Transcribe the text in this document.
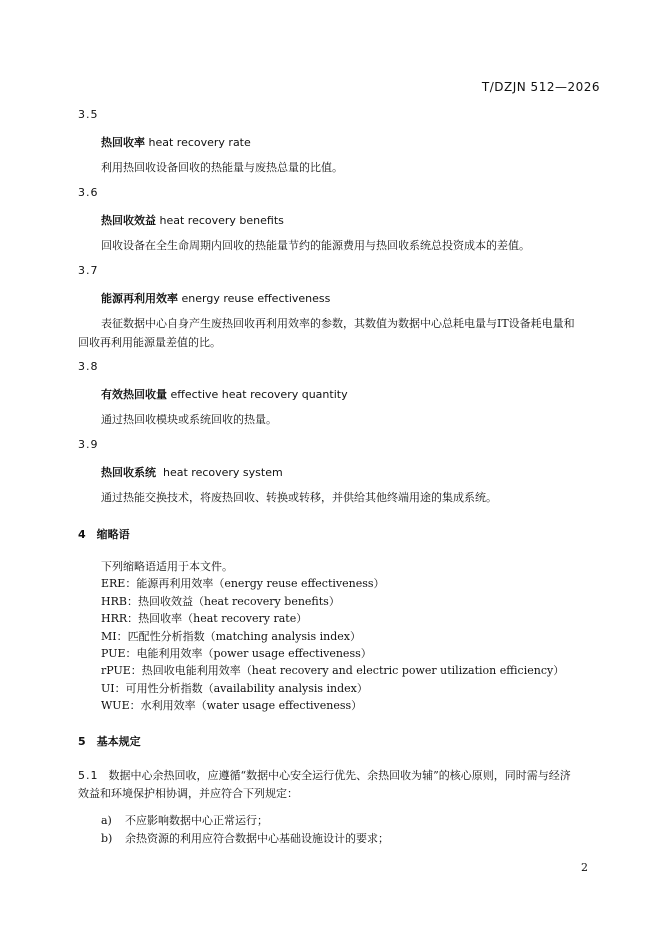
T/DZJN 512—2026
3.5
热回收率 heat recovery rate
利用热回收设备回收的热能量与废热总量的比值。
3.6
热回收效益 heat recovery benefits
回收设备在全生命周期内回收的热能量节约的能源费用与热回收系统总投资成本的差值。
3.7
能源再利用效率 energy reuse effectiveness
表征数据中心自身产生废热回收再利用效率的参数，其数值为数据中心总耗电量与IT设备耗电量和
回收再利用能源量差值的比。
3.8
有效热回收量 effective heat recovery quantity
通过热回收模块或系统回收的热量。
3.9
热回收系统  heat recovery system
通过热能交换技术，将废热回收、转换或转移，并供给其他终端用途的集成系统。
4　缩略语
下列缩略语适用于本文件。
ERE：能源再利用效率（energy reuse effectiveness）
HRB：热回收效益（heat recovery benefits）
HRR：热回收率（heat recovery rate）
MI：匹配性分析指数（matching analysis index）
PUE：电能利用效率（power usage effectiveness）
rPUE：热回收电能利用效率（heat recovery and electric power utilization efficiency）
UI：可用性分析指数（availability analysis index）
WUE：水利用效率（water usage effectiveness）
5　基本规定
5.1 数据中心余热回收，应遵循“数据中心安全运行优先、余热回收为辅”的核心原则，同时需与经济
效益和环境保护相协调，并应符合下列规定：
a) 不应影响数据中心正常运行；
b) 余热资源的利用应符合数据中心基础设施设计的要求；
2
